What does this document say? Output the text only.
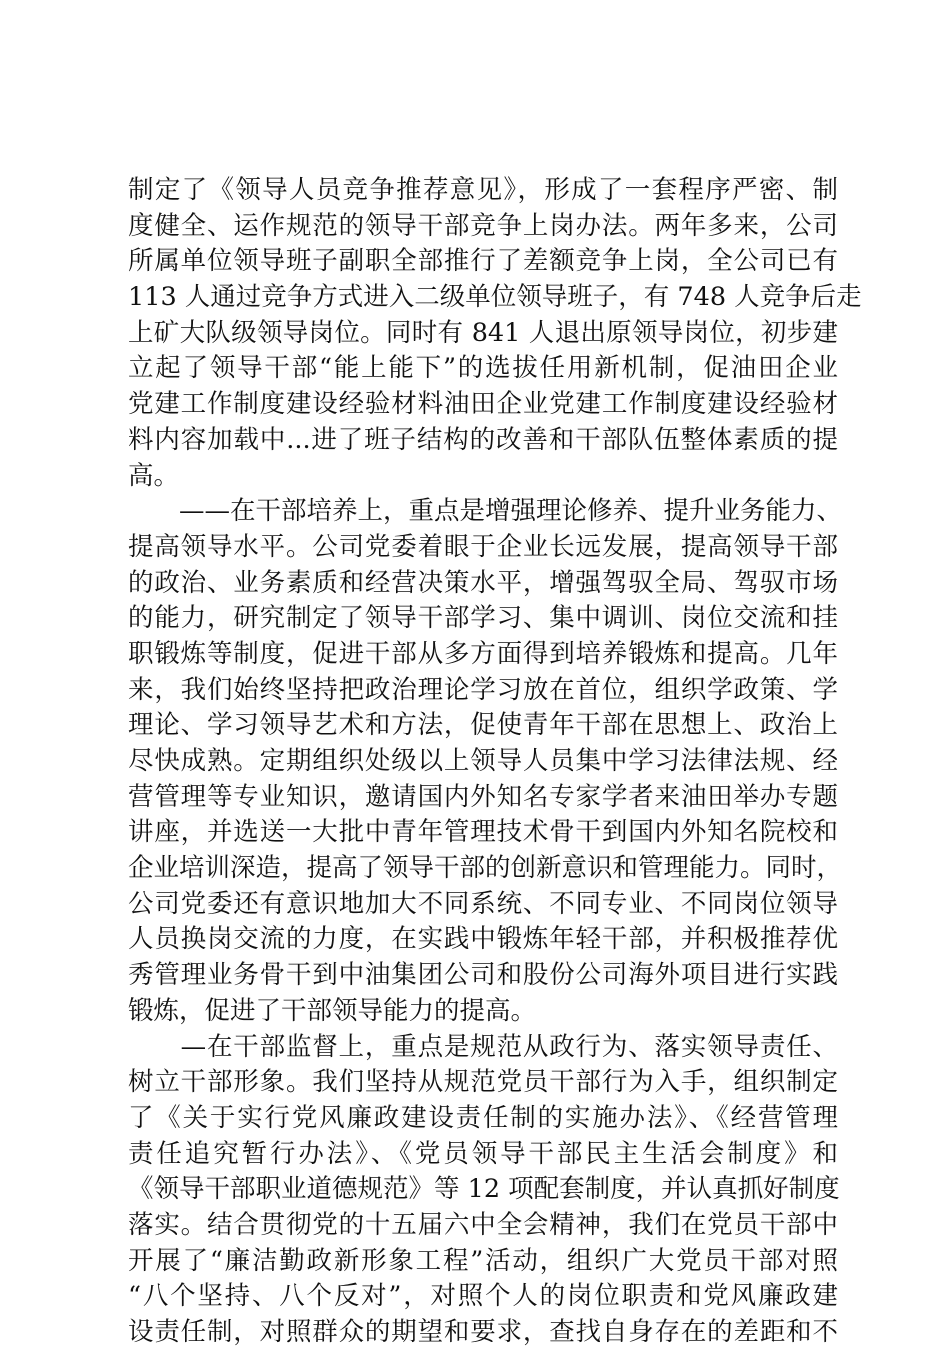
制定了《领导人员竞争推荐意见》，形成了一套程序严密、制
度健全、运作规范的领导干部竞争上岗办法。两年多来，公司
所属单位领导班子副职全部推行了差额竞争上岗，全公司已有
113 人通过竞争方式进入二级单位领导班子，有 748 人竞争后走
上矿大队级领导岗位。同时有 841 人退出原领导岗位，初步建
立起了领导干部“能上能下”的选拔任用新机制，促油田企业
党建工作制度建设经验材料油田企业党建工作制度建设经验材
料内容加载中...进了班子结构的改善和干部队伍整体素质的提
高。
　　——在干部培养上，重点是增强理论修养、提升业务能力、
提高领导水平。公司党委着眼于企业长远发展，提高领导干部
的政治、业务素质和经营决策水平，增强驾驭全局、驾驭市场
的能力，研究制定了领导干部学习、集中调训、岗位交流和挂
职锻炼等制度，促进干部从多方面得到培养锻炼和提高。几年
来，我们始终坚持把政治理论学习放在首位，组织学政策、学
理论、学习领导艺术和方法，促使青年干部在思想上、政治上
尽快成熟。定期组织处级以上领导人员集中学习法律法规、经
营管理等专业知识，邀请国内外知名专家学者来油田举办专题
讲座，并选送一大批中青年管理技术骨干到国内外知名院校和
企业培训深造，提高了领导干部的创新意识和管理能力。同时，
公司党委还有意识地加大不同系统、不同专业、不同岗位领导
人员换岗交流的力度，在实践中锻炼年轻干部，并积极推荐优
秀管理业务骨干到中油集团公司和股份公司海外项目进行实践
锻炼，促进了干部领导能力的提高。
　　—在干部监督上，重点是规范从政行为、落实领导责任、
树立干部形象。我们坚持从规范党员干部行为入手，组织制定
了《关于实行党风廉政建设责任制的实施办法》、《经营管理
责任追究暂行办法》、《党员领导干部民主生活会制度》和
《领导干部职业道德规范》等 12 项配套制度，并认真抓好制度
落实。结合贯彻党的十五届六中全会精神，我们在党员干部中
开展了“廉洁勤政新形象工程”活动，组织广大党员干部对照
“八个坚持、八个反对”，对照个人的岗位职责和党风廉政建
设责任制，对照群众的期望和要求，查找自身存在的差距和不
